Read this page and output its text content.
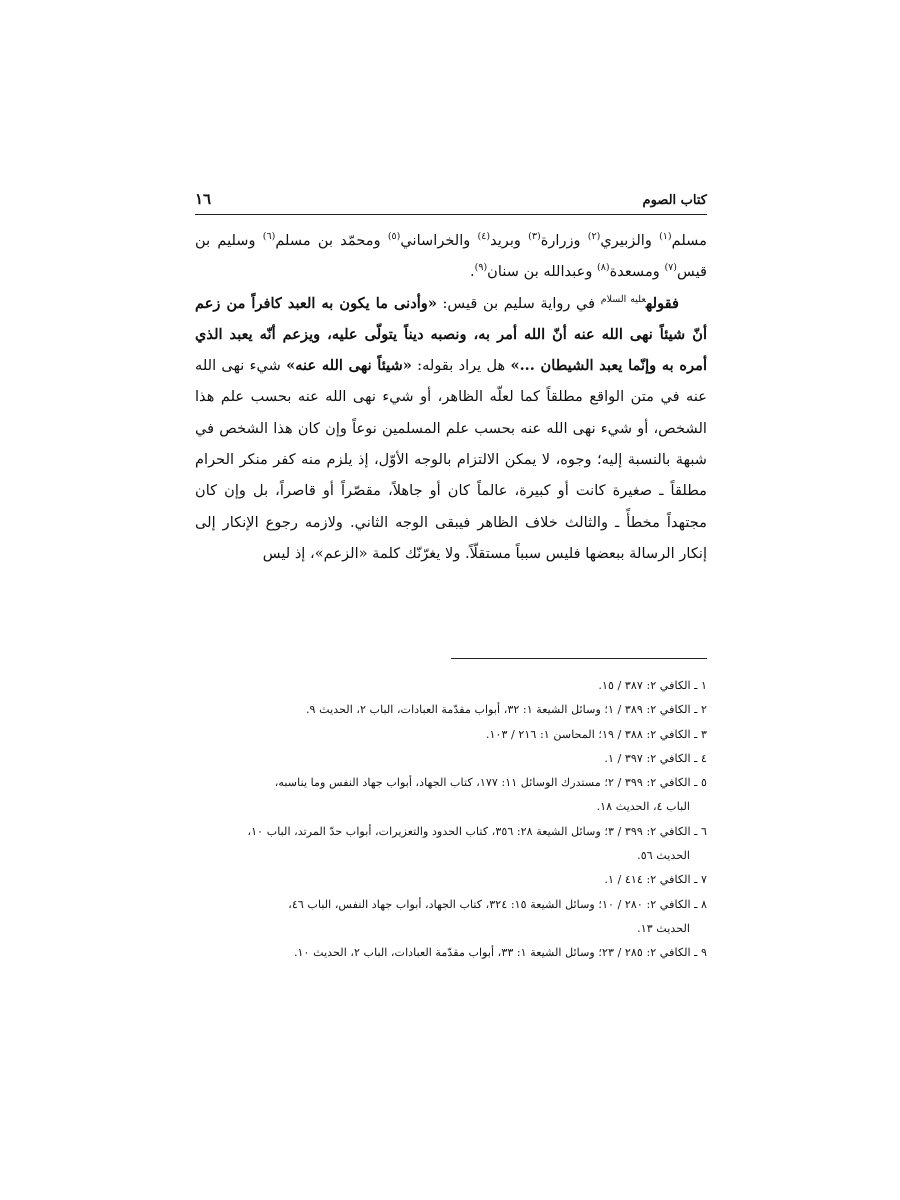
كتاب الصوم
١٦

مسلم$^{(١)}$ والزبيري$^{(٢)}$ وزرارة$^{(٣)}$ وبريد$^{(٤)}$ والخراساني$^{(٥)}$ ومحمّد بن مسلم$^{(٦)}$ وسليم بن قيس$^{(٧)}$ ومسعدة$^{(٨)}$ وعبدالله بن سنان$^{(٩)}$.

فقوله$^{عليه السلام}$ في رواية سليم بن قيس: «وأدنى ما يكون به العبد كافراً من زعم أنّ شيئاً نهى الله عنه أنّ الله أمر به، ونصبه ديناً يتولّى عليه، ويزعم أنّه يعبد الذي أمره به وإنّما يعبد الشيطان ...» هل يراد بقوله: «شيئاً نهى الله عنه» شيء نهى الله عنه في متن الواقع مطلقاً كما لعلّه الظاهر، أو شيء نهى الله عنه بحسب علم هذا الشخص، أو شيء نهى الله عنه بحسب علم المسلمين نوعاً وإن كان هذا الشخص في شبهة بالنسبة إليه؛ وجوه، لا يمكن الالتزام بالوجه الأوّل، إذ يلزم منه كفر منكر الحرام مطلقاً ـ صغيرة كانت أو كبيرة، عالماً كان أو جاهلاً، مقصّراً أو قاصراً، بل وإن كان مجتهداً مخطأً ـ والثالث خلاف الظاهر فيبقى الوجه الثاني. ولازمه رجوع الإنكار إلى إنكار الرسالة ببعضها فليس سبباً مستقلّاً. ولا يغرّنّك كلمة «الزعم»، إذ ليس

١ ـ الكافي ٢: ٣٨٧ / ١٥.
٢ ـ الكافي ٢: ٣٨٩ / ١؛ وسائل الشيعة ١: ٣٢، أبواب مقدّمة العبادات، الباب ٢، الحديث ٩.
٣ ـ الكافي ٢: ٣٨٨ / ١٩؛ المحاسن ١: ٢١٦ / ١٠٣.
٤ ـ الكافي ٢: ٣٩٧ / ١.
٥ ـ الكافي ٢: ٣٩٩ / ٢؛ مستدرك الوسائل ١١: ١٧٧، كتاب الجهاد، أبواب جهاد النفس وما يناسبه،
الباب ٤، الحديث ١٨.
٦ ـ الكافي ٢: ٣٩٩ / ٣؛ وسائل الشيعة ٢٨: ٣٥٦، كتاب الحدود والتعزيرات، أبواب حدّ المرتد، الباب ١٠،
الحديث ٥٦.
٧ ـ الكافي ٢: ٤١٤ / ١.
٨ ـ الكافي ٢: ٢٨٠ / ١٠؛ وسائل الشيعة ١٥: ٣٢٤، كتاب الجهاد، أبواب جهاد النفس، الباب ٤٦،
الحديث ١٣.
٩ ـ الكافي ٢: ٢٨٥ / ٢٣؛ وسائل الشيعة ١: ٣٣، أبواب مقدّمة العبادات، الباب ٢، الحديث ١٠.
